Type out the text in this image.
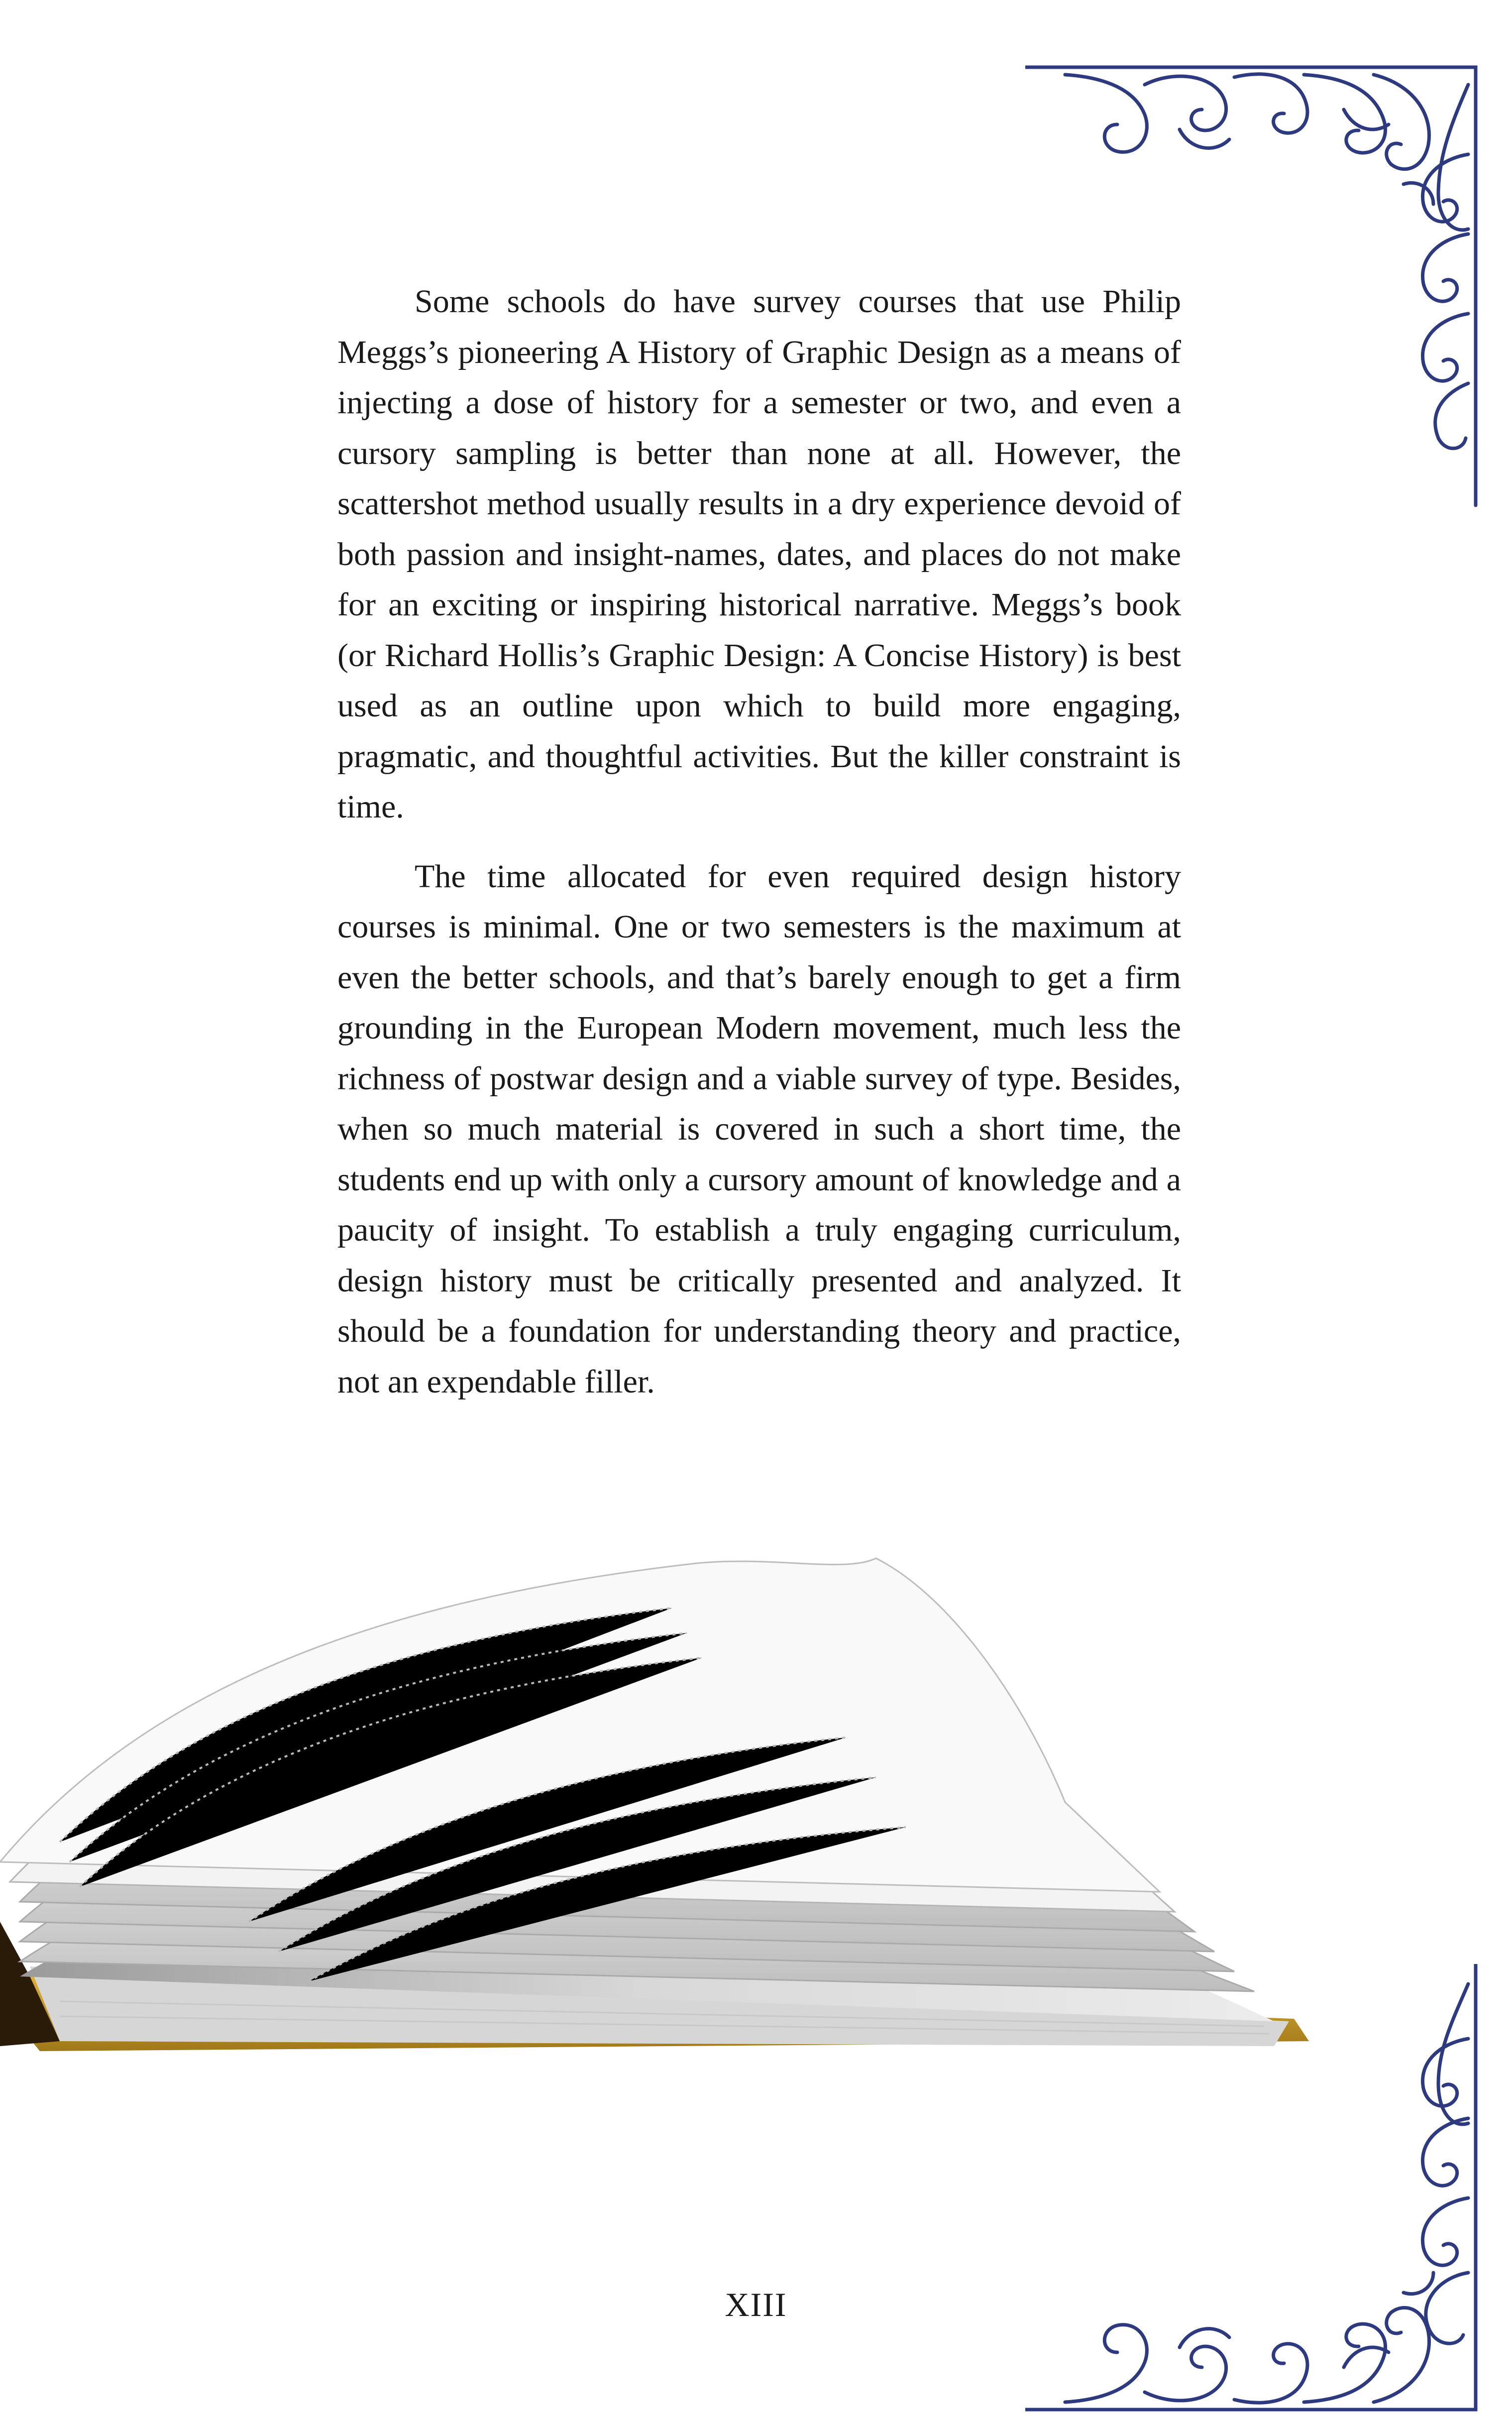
Some schools do have survey courses that use Philip Meggs’s pioneering A History of Graphic Design as a means of injecting a dose of history for a semester or two, and even a cursory sampling is better than none at all. However, the scattershot method usually results in a dry experience devoid of both passion and insight-names, dates, and places do not make for an exciting or inspiring historical narrative. Meggs’s book (or Richard Hollis’s Graphic Design: A Concise History) is best used as an outline upon which to build more engaging, pragmatic, and thoughtful activities. But the killer constraint is time.

The time allocated for even required design history courses is minimal. One or two semesters is the maximum at even the better schools, and that’s barely enough to get a firm grounding in the European Modern movement, much less the richness of postwar design and a viable survey of type. Besides, when so much material is covered in such a short time, the students end up with only a cursory amount of knowledge and a paucity of insight. To establish a truly engaging curriculum, design history must be critically presented and analyzed. It should be a foundation for understanding theory and practice, not an expendable filler.

XIII
